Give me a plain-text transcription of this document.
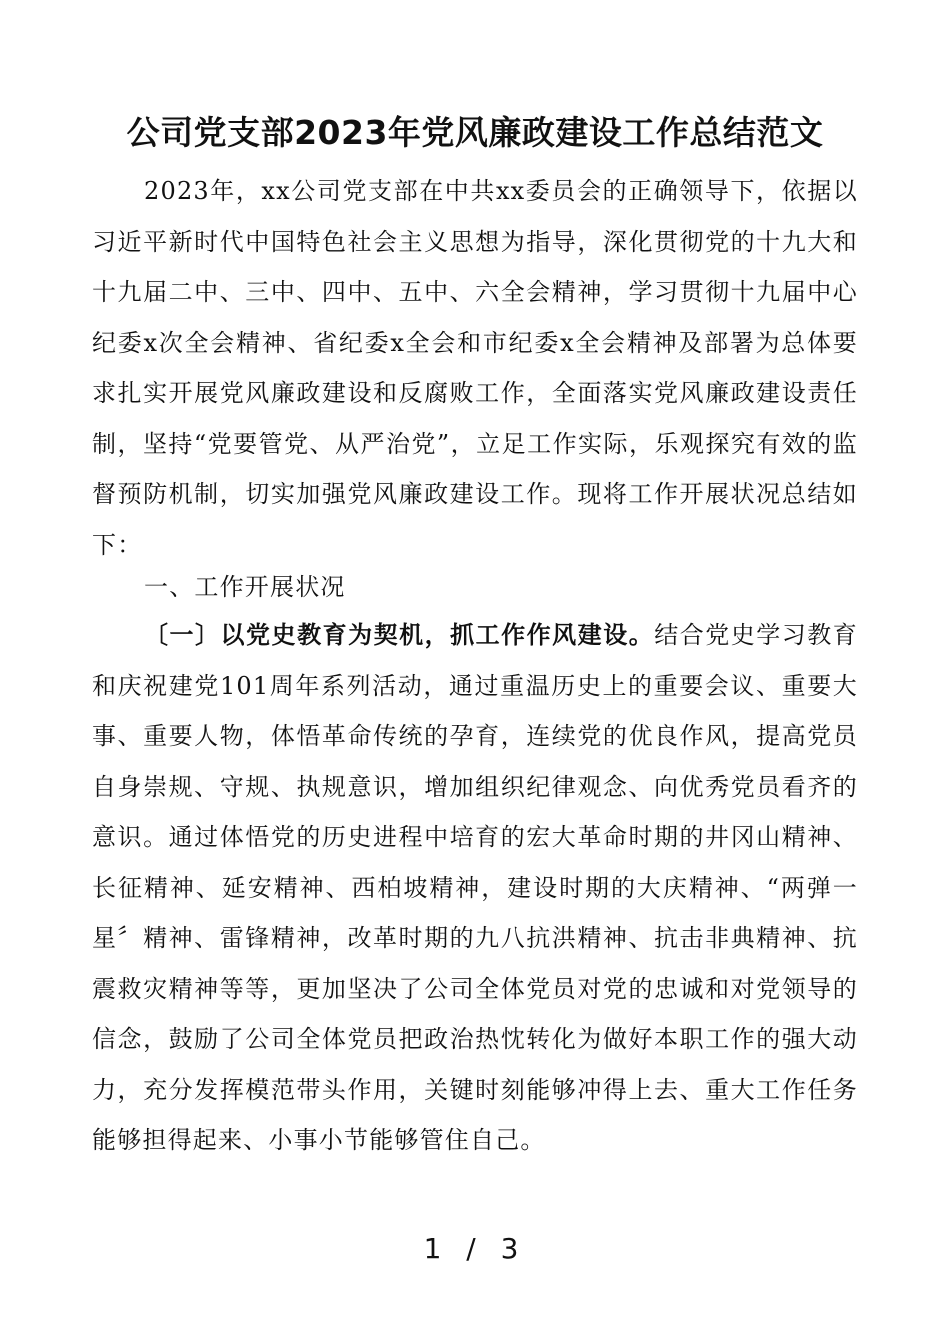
公司党支部2023年党风廉政建设工作总结范文

2023年，xx公司党支部在中共xx委员会的正确领导下，依据以习近平新时代中国特色社会主义思想为指导，深化贯彻党的十九大和十九届二中、三中、四中、五中、六全会精神，学习贯彻十九届中心纪委x次全会精神、省纪委x全会和市纪委x全会精神及部署为总体要求扎实开展党风廉政建设和反腐败工作，全面落实党风廉政建设责任制，坚持“党要管党、从严治党”，立足工作实际，乐观探究有效的监督预防机制，切实加强党风廉政建设工作。现将工作开展状况总结如下：

一、工作开展状况

〔一〕以党史教育为契机，抓工作作风建设。结合党史学习教育和庆祝建党101周年系列活动，通过重温历史上的重要会议、重要大事、重要人物，体悟革命传统的孕育，连续党的优良作风，提高党员自身崇规、守规、执规意识，增加组织纪律观念、向优秀党员看齐的意识。通过体悟党的历史进程中培育的宏大革命时期的井冈山精神、长征精神、延安精神、西柏坡精神，建设时期的大庆精神、“两弹一星〞精神、雷锋精神，改革时期的九八抗洪精神、抗击非典精神、抗震救灾精神等等，更加坚决了公司全体党员对党的忠诚和对党领导的信念，鼓励了公司全体党员把政治热忱转化为做好本职工作的强大动力，充分发挥模范带头作用，关键时刻能够冲得上去、重大工作任务能够担得起来、小事小节能够管住自己。

1 / 3
